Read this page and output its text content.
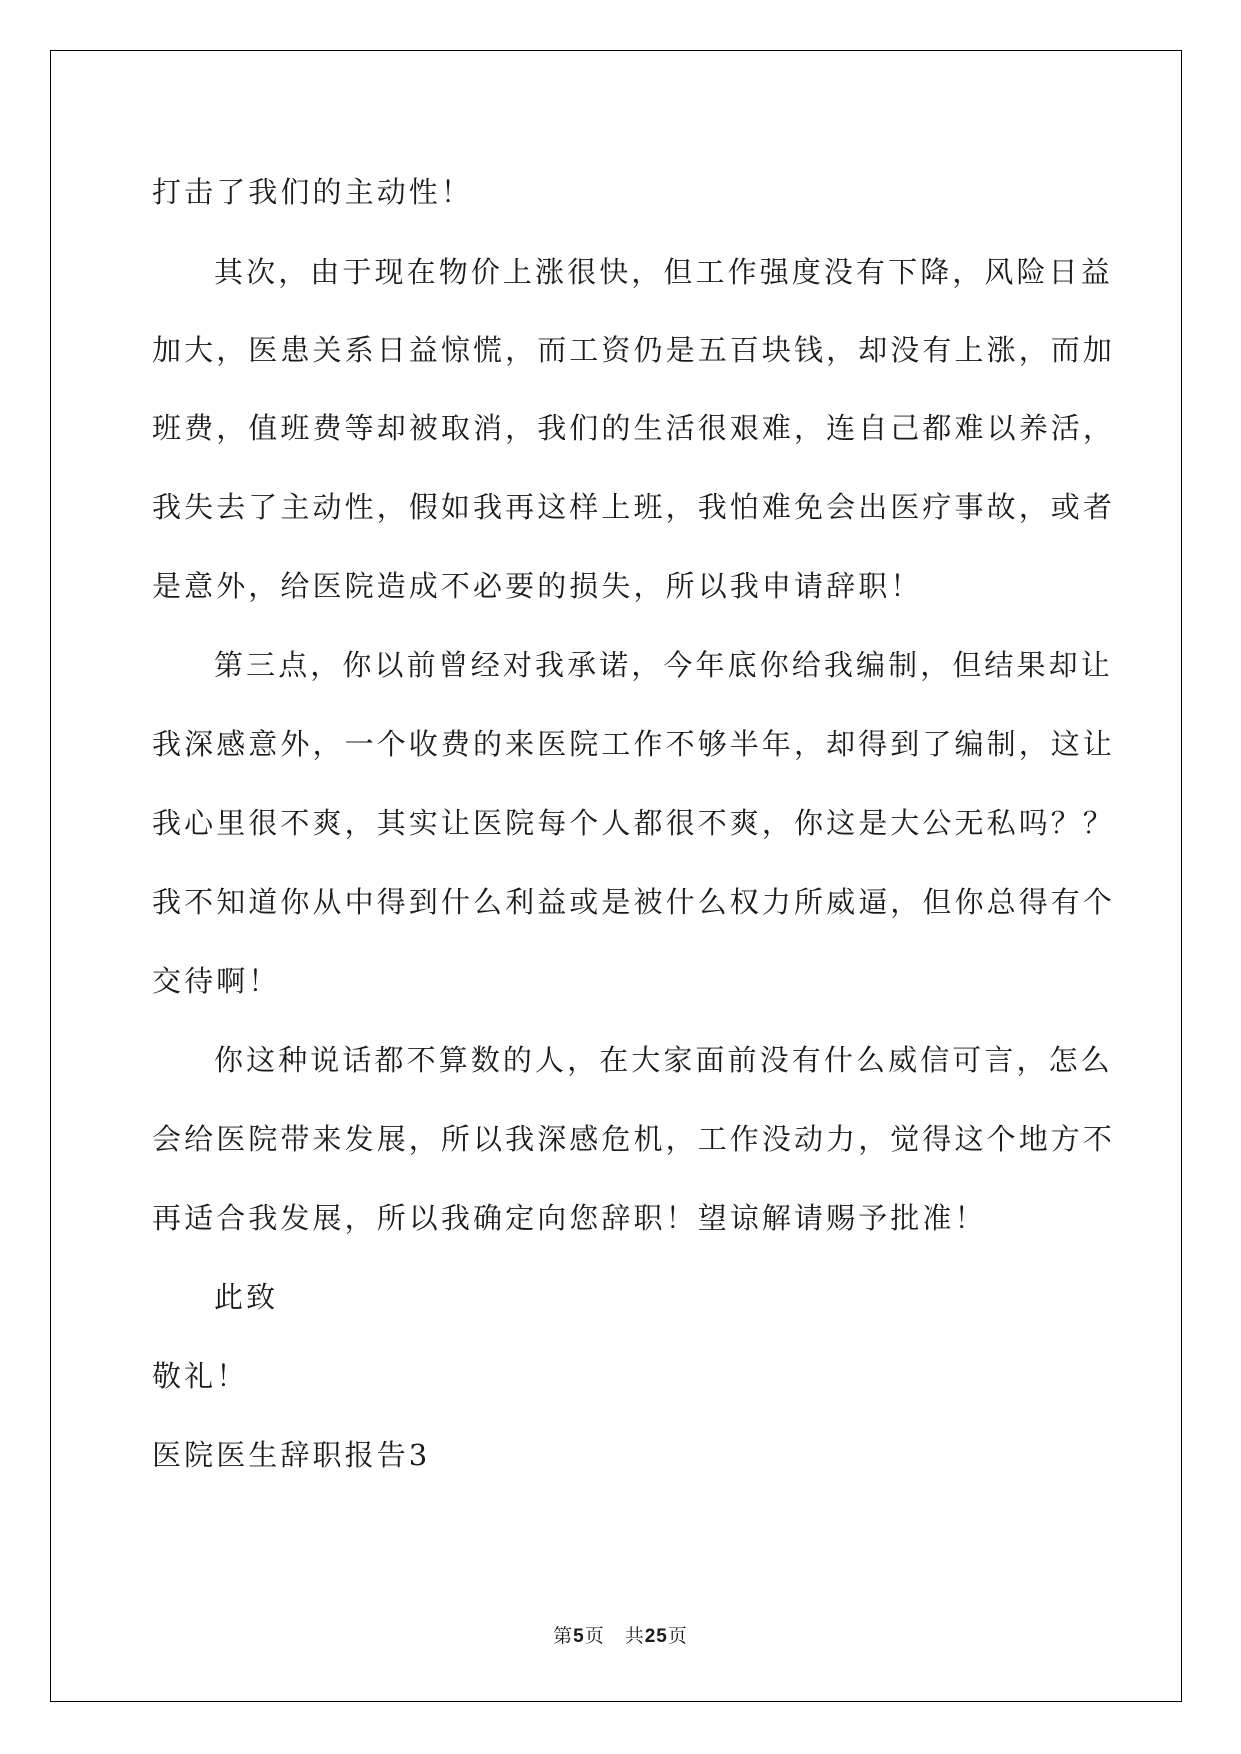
打击了我们的主动性！
其次，由于现在物价上涨很快，但工作强度没有下降，风险日益
加大，医患关系日益惊慌，而工资仍是五百块钱，却没有上涨，而加
班费，值班费等却被取消，我们的生活很艰难，连自己都难以养活，
我失去了主动性，假如我再这样上班，我怕难免会出医疗事故，或者
是意外，给医院造成不必要的损失，所以我申请辞职！
第三点，你以前曾经对我承诺，今年底你给我编制，但结果却让
我深感意外，一个收费的来医院工作不够半年，却得到了编制，这让
我心里很不爽，其实让医院每个人都很不爽，你这是大公无私吗？？
我不知道你从中得到什么利益或是被什么权力所威逼，但你总得有个
交待啊！
你这种说话都不算数的人，在大家面前没有什么威信可言，怎么
会给医院带来发展，所以我深感危机，工作没动力，觉得这个地方不
再适合我发展，所以我确定向您辞职！望谅解请赐予批准！
此致
敬礼！
医院医生辞职报告3
第5页　共25页
